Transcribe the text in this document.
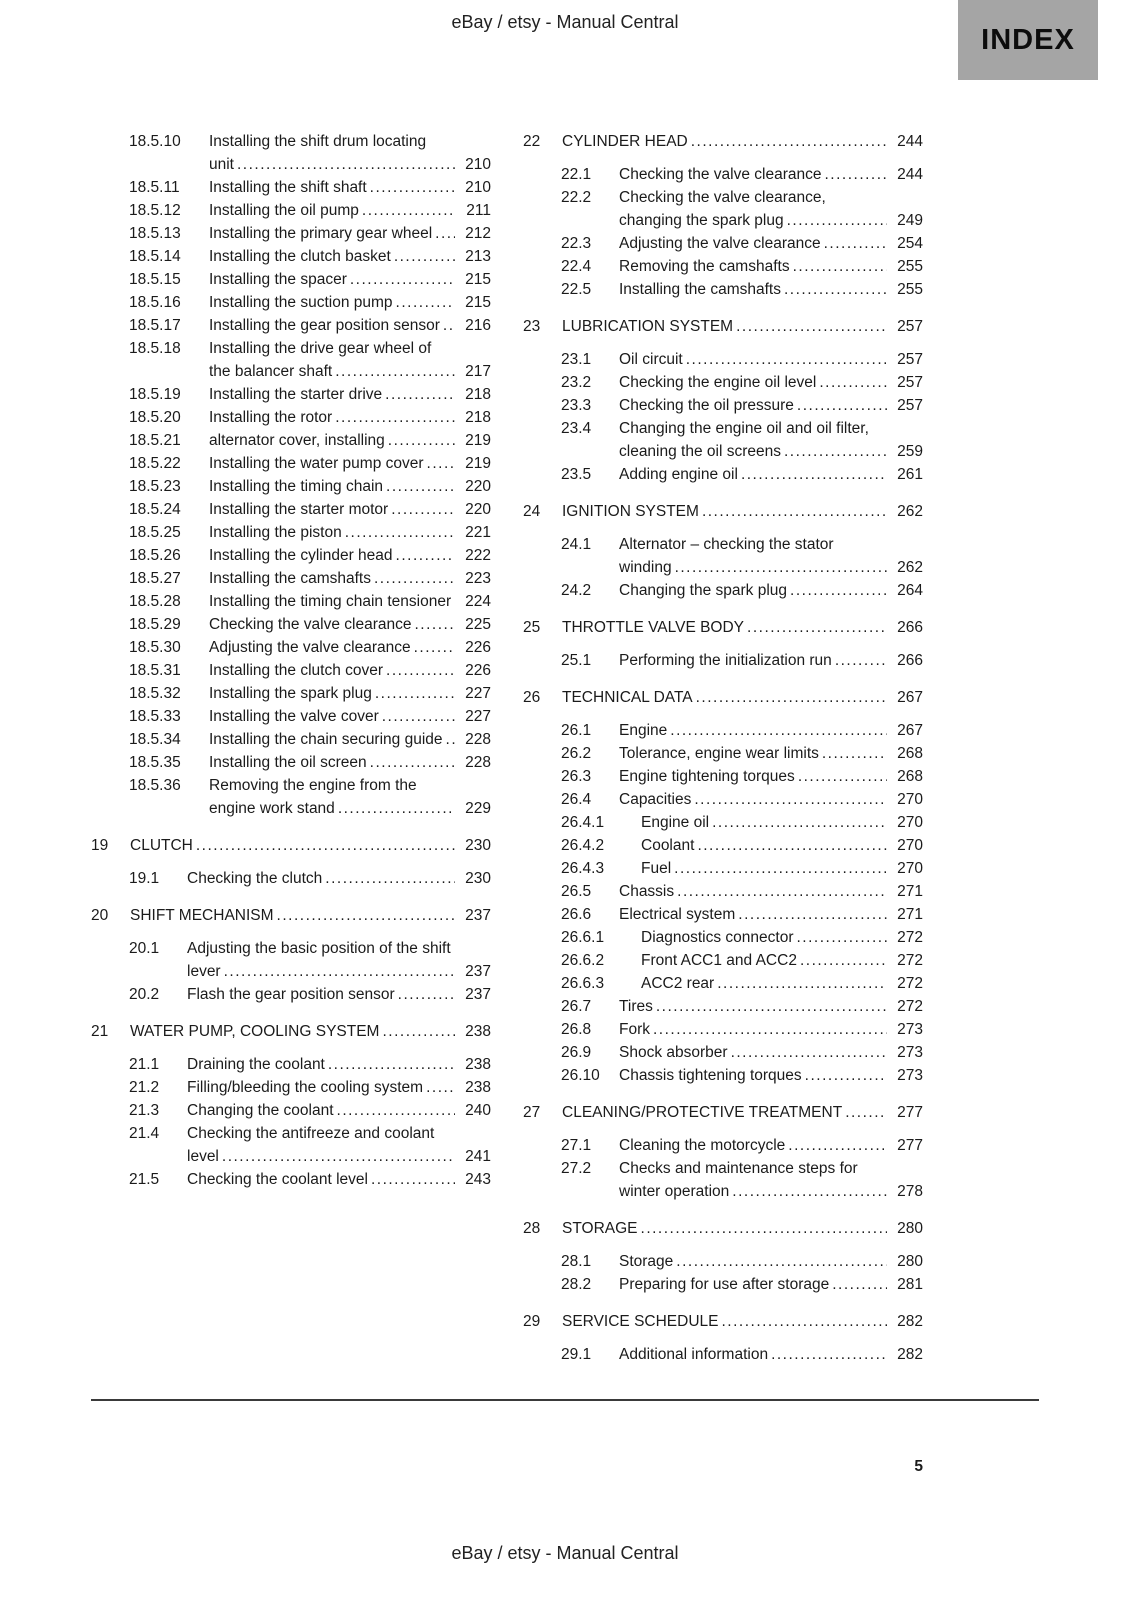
eBay / etsy - Manual Central
INDEX
18.5.10	Installing the shift drum locating unit .....	210
18.5.11	Installing the shift shaft .....	210
18.5.12	Installing the oil pump .....	211
18.5.13	Installing the primary gear wheel .....	212
18.5.14	Installing the clutch basket .....	213
18.5.15	Installing the spacer .....	215
18.5.16	Installing the suction pump .....	215
18.5.17	Installing the gear position sensor .....	216
18.5.18	Installing the drive gear wheel of the balancer shaft .....	217
18.5.19	Installing the starter drive .....	218
18.5.20	Installing the rotor .....	218
18.5.21	alternator cover, installing .....	219
18.5.22	Installing the water pump cover .....	219
18.5.23	Installing the timing chain .....	220
18.5.24	Installing the starter motor .....	220
18.5.25	Installing the piston .....	221
18.5.26	Installing the cylinder head .....	222
18.5.27	Installing the camshafts .....	223
18.5.28	Installing the timing chain tensioner ..... 224
18.5.29	Checking the valve clearance .....	225
18.5.30	Adjusting the valve clearance .....	226
18.5.31	Installing the clutch cover .....	226
18.5.32	Installing the spark plug .....	227
18.5.33	Installing the valve cover .....	227
18.5.34	Installing the chain securing guide .....	228
18.5.35	Installing the oil screen .....	228
18.5.36	Removing the engine from the engine work stand .....	229
19	CLUTCH .....	230
19.1	Checking the clutch .....	230
20	SHIFT MECHANISM .....	237
20.1	Adjusting the basic position of the shift lever .....	237
20.2	Flash the gear position sensor .....	237
21	WATER PUMP, COOLING SYSTEM .....	238
21.1	Draining the coolant .....	238
21.2	Filling/bleeding the cooling system .....	238
21.3	Changing the coolant .....	240
21.4	Checking the antifreeze and coolant level .....	241
21.5	Checking the coolant level .....	243
22	CYLINDER HEAD .....	244
22.1	Checking the valve clearance .....	244
22.2	Checking the valve clearance, changing the spark plug .....	249
22.3	Adjusting the valve clearance .....	254
22.4	Removing the camshafts .....	255
22.5	Installing the camshafts .....	255
23	LUBRICATION SYSTEM .....	257
23.1	Oil circuit .....	257
23.2	Checking the engine oil level .....	257
23.3	Checking the oil pressure .....	257
23.4	Changing the engine oil and oil filter, cleaning the oil screens .....	259
23.5	Adding engine oil .....	261
24	IGNITION SYSTEM .....	262
24.1	Alternator – checking the stator winding .....	262
24.2	Changing the spark plug .....	264
25	THROTTLE VALVE BODY .....	266
25.1	Performing the initialization run .....	266
26	TECHNICAL DATA .....	267
26.1	Engine .....	267
26.2	Tolerance, engine wear limits .....	268
26.3	Engine tightening torques .....	268
26.4	Capacities .....	270
26.4.1	Engine oil .....	270
26.4.2	Coolant .....	270
26.4.3	Fuel .....	270
26.5	Chassis .....	271
26.6	Electrical system .....	271
26.6.1	Diagnostics connector .....	272
26.6.2	Front ACC1 and ACC2 .....	272
26.6.3	ACC2 rear .....	272
26.7	Tires .....	272
26.8	Fork .....	273
26.9	Shock absorber .....	273
26.10	Chassis tightening torques .....	273
27	CLEANING/PROTECTIVE TREATMENT .....	277
27.1	Cleaning the motorcycle .....	277
27.2	Checks and maintenance steps for winter operation .....	278
28	STORAGE .....	280
28.1	Storage .....	280
28.2	Preparing for use after storage .....	281
29	SERVICE SCHEDULE .....	282
29.1	Additional information .....	282
5
eBay / etsy - Manual Central
